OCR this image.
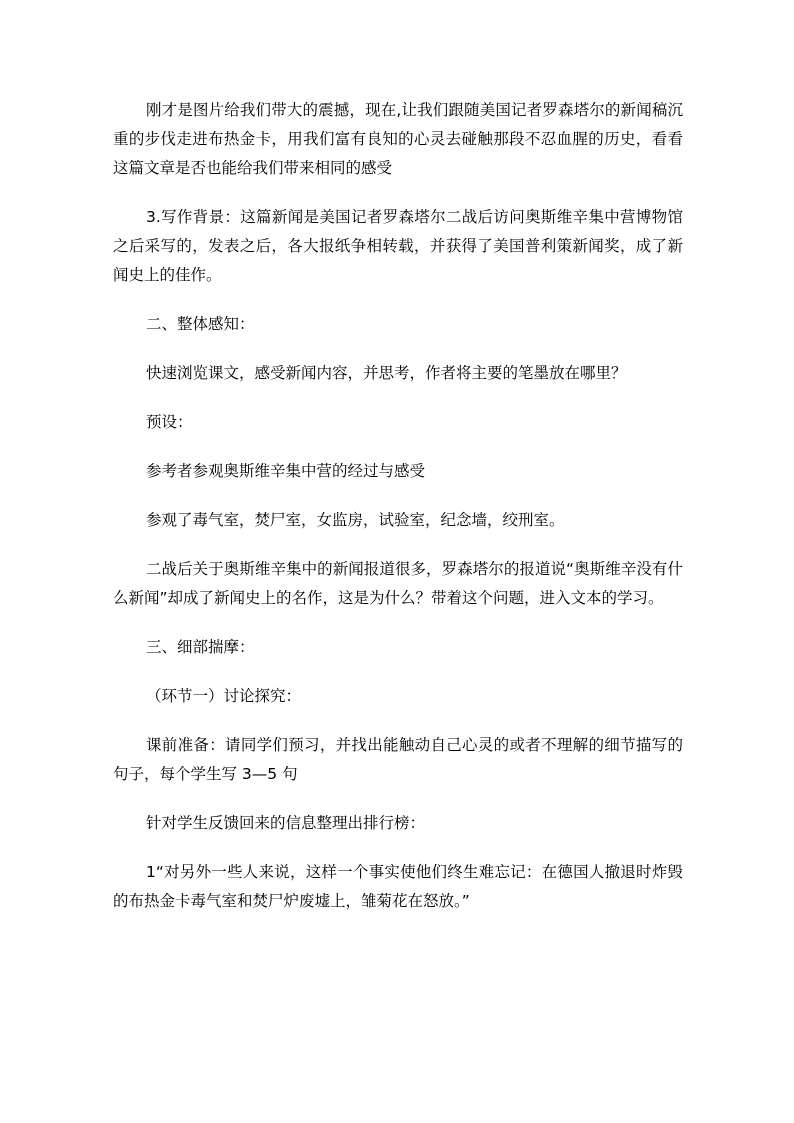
刚才是图片给我们带大的震撼，现在,让我们跟随美国记者罗森塔尔的新闻稿沉重的步伐走进布热金卡，用我们富有良知的心灵去碰触那段不忍血腥的历史，看看这篇文章是否也能给我们带来相同的感受

3.写作背景：这篇新闻是美国记者罗森塔尔二战后访问奥斯维辛集中营博物馆之后采写的，发表之后，各大报纸争相转载，并获得了美国普利策新闻奖，成了新闻史上的佳作。

二、整体感知：

快速浏览课文，感受新闻内容，并思考，作者将主要的笔墨放在哪里？

预设：

参考者参观奥斯维辛集中营的经过与感受

参观了毒气室，焚尸室，女监房，试验室，纪念墙，绞刑室。

二战后关于奥斯维辛集中的新闻报道很多，罗森塔尔的报道说“奥斯维辛没有什么新闻”却成了新闻史上的名作，这是为什么？带着这个问题，进入文本的学习。

三、细部揣摩：

（环节一）讨论探究：

课前准备：请同学们预习，并找出能触动自己心灵的或者不理解的细节描写的句子，每个学生写 3—5 句

针对学生反馈回来的信息整理出排行榜：

1“对另外一些人来说，这样一个事实使他们终生难忘记：在德国人撤退时炸毁的布热金卡毒气室和焚尸炉废墟上，雏菊花在怒放。”
